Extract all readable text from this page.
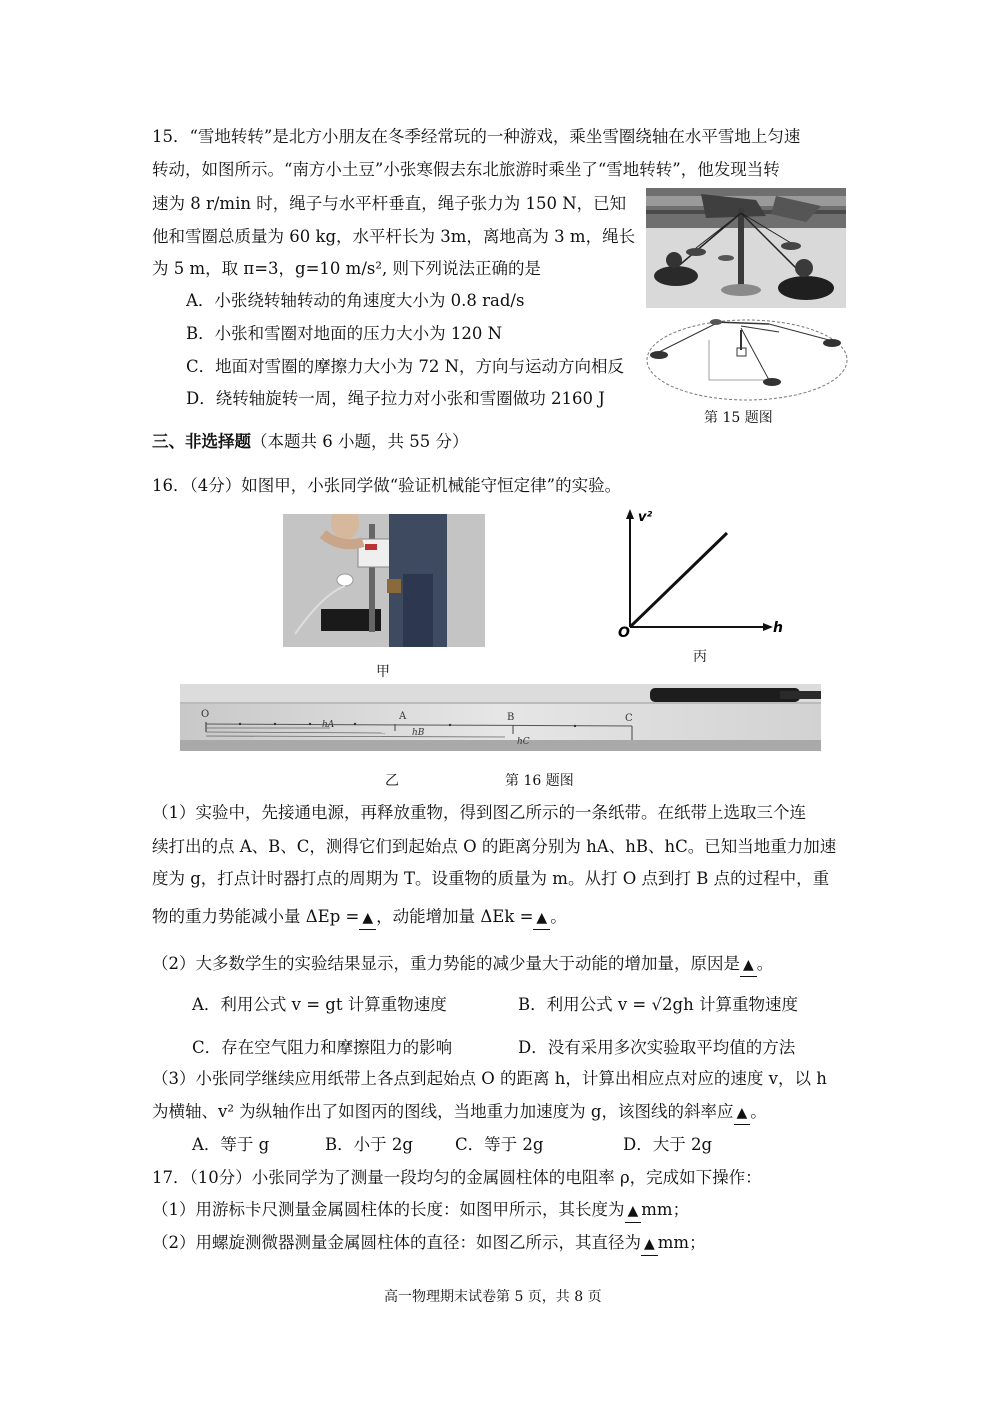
15．“雪地转转”是北方小朋友在冬季经常玩的一种游戏，乘坐雪圈绕轴在水平雪地上匀速
转动，如图所示。“南方小土豆”小张寒假去东北旅游时乘坐了“雪地转转”，他发现当转
速为 8 r/min 时，绳子与水平杆垂直，绳子张力为 150 N，已知
他和雪圈总质量为 60 kg，水平杆长为 3m，离地高为 3 m，绳长
为 5 m，取 π=3，g=10 m/s², 则下列说法正确的是
A．小张绕转轴转动的角速度大小为 0.8 rad/s
B．小张和雪圈对地面的压力大小为 120 N
C．地面对雪圈的摩擦力大小为 72 N，方向与运动方向相反
D．绕转轴旋转一周，绳子拉力对小张和雪圈做功 2160 J
第 15 题图
三、非选择题（本题共 6 小题，共 55 分）
16．（4分）如图甲，小张同学做“验证机械能守恒定律”的实验。
甲
v²
h
O
丙
O	A	B	C
hA
hB
hC
乙	第 16 题图
（1）实验中，先接通电源，再释放重物，得到图乙所示的一条纸带。在纸带上选取三个连
续打出的点 A、B、C，测得它们到起始点 O 的距离分别为 hA、hB、hC。已知当地重力加速
度为 g，打点计时器打点的周期为 T。设重物的质量为 m。从打 O 点到打 B 点的过程中，重
物的重力势能减小量 ΔEp = ▲ ，动能增加量 ΔEk = ▲ 。
（2）大多数学生的实验结果显示，重力势能的减少量大于动能的增加量，原因是 ▲ 。
A．利用公式 v = gt 计算重物速度	B．利用公式 v = √2gh 计算重物速度
C．存在空气阻力和摩擦阻力的影响	D．没有采用多次实验取平均值的方法
（3）小张同学继续应用纸带上各点到起始点 O 的距离 h，计算出相应点对应的速度 v，以 h
为横轴、v² 为纵轴作出了如图丙的图线，当地重力加速度为 g，该图线的斜率应 ▲ 。
A．等于 g	B．小于 2g	C．等于 2g	D．大于 2g
17．（10分）小张同学为了测量一段均匀的金属圆柱体的电阻率 ρ，完成如下操作：
（1）用游标卡尺测量金属圆柱体的长度：如图甲所示，其长度为 ▲ mm；
（2）用螺旋测微器测量金属圆柱体的直径：如图乙所示，其直径为 ▲ mm；
高一物理期末试卷第 5 页，共 8 页
